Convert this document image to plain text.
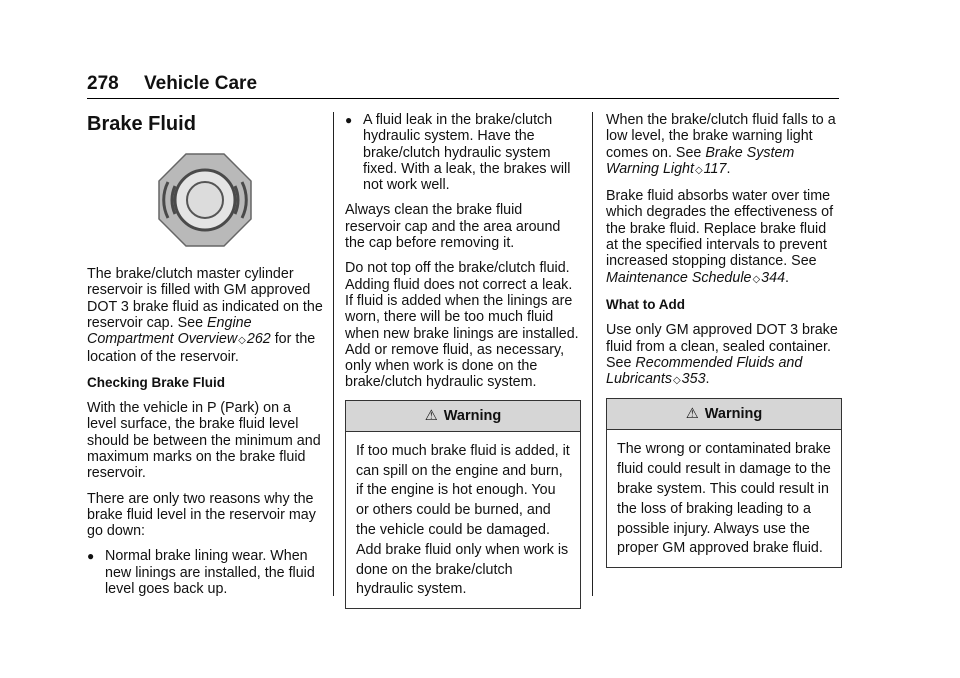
278 Vehicle Care
Brake Fluid

The brake/clutch master cylinder reservoir is filled with GM approved DOT 3 brake fluid as indicated on the reservoir cap. See Engine Compartment Overview◇262 for the location of the reservoir.

Checking Brake Fluid

With the vehicle in P (Park) on a level surface, the brake fluid level should be between the minimum and maximum marks on the brake fluid reservoir.

There are only two reasons why the brake fluid level in the reservoir may go down:

● Normal brake lining wear. When new linings are installed, the fluid level goes back up.
● A fluid leak in the brake/clutch hydraulic system. Have the brake/clutch hydraulic system fixed. With a leak, the brakes will not work well.

Always clean the brake fluid reservoir cap and the area around the cap before removing it.

Do not top off the brake/clutch fluid. Adding fluid does not correct a leak. If fluid is added when the linings are worn, there will be too much fluid when new brake linings are installed. Add or remove fluid, as necessary, only when work is done on the brake/clutch hydraulic system.

⚠ Warning
If too much brake fluid is added, it can spill on the engine and burn, if the engine is hot enough. You or others could be burned, and the vehicle could be damaged. Add brake fluid only when work is done on the brake/clutch hydraulic system.

When the brake/clutch fluid falls to a low level, the brake warning light comes on. See Brake System Warning Light◇117.

Brake fluid absorbs water over time which degrades the effectiveness of the brake fluid. Replace brake fluid at the specified intervals to prevent increased stopping distance. See Maintenance Schedule◇344.

What to Add

Use only GM approved DOT 3 brake fluid from a clean, sealed container. See Recommended Fluids and Lubricants◇353.

⚠ Warning
The wrong or contaminated brake fluid could result in damage to the brake system. This could result in the loss of braking leading to a possible injury. Always use the proper GM approved brake fluid.
